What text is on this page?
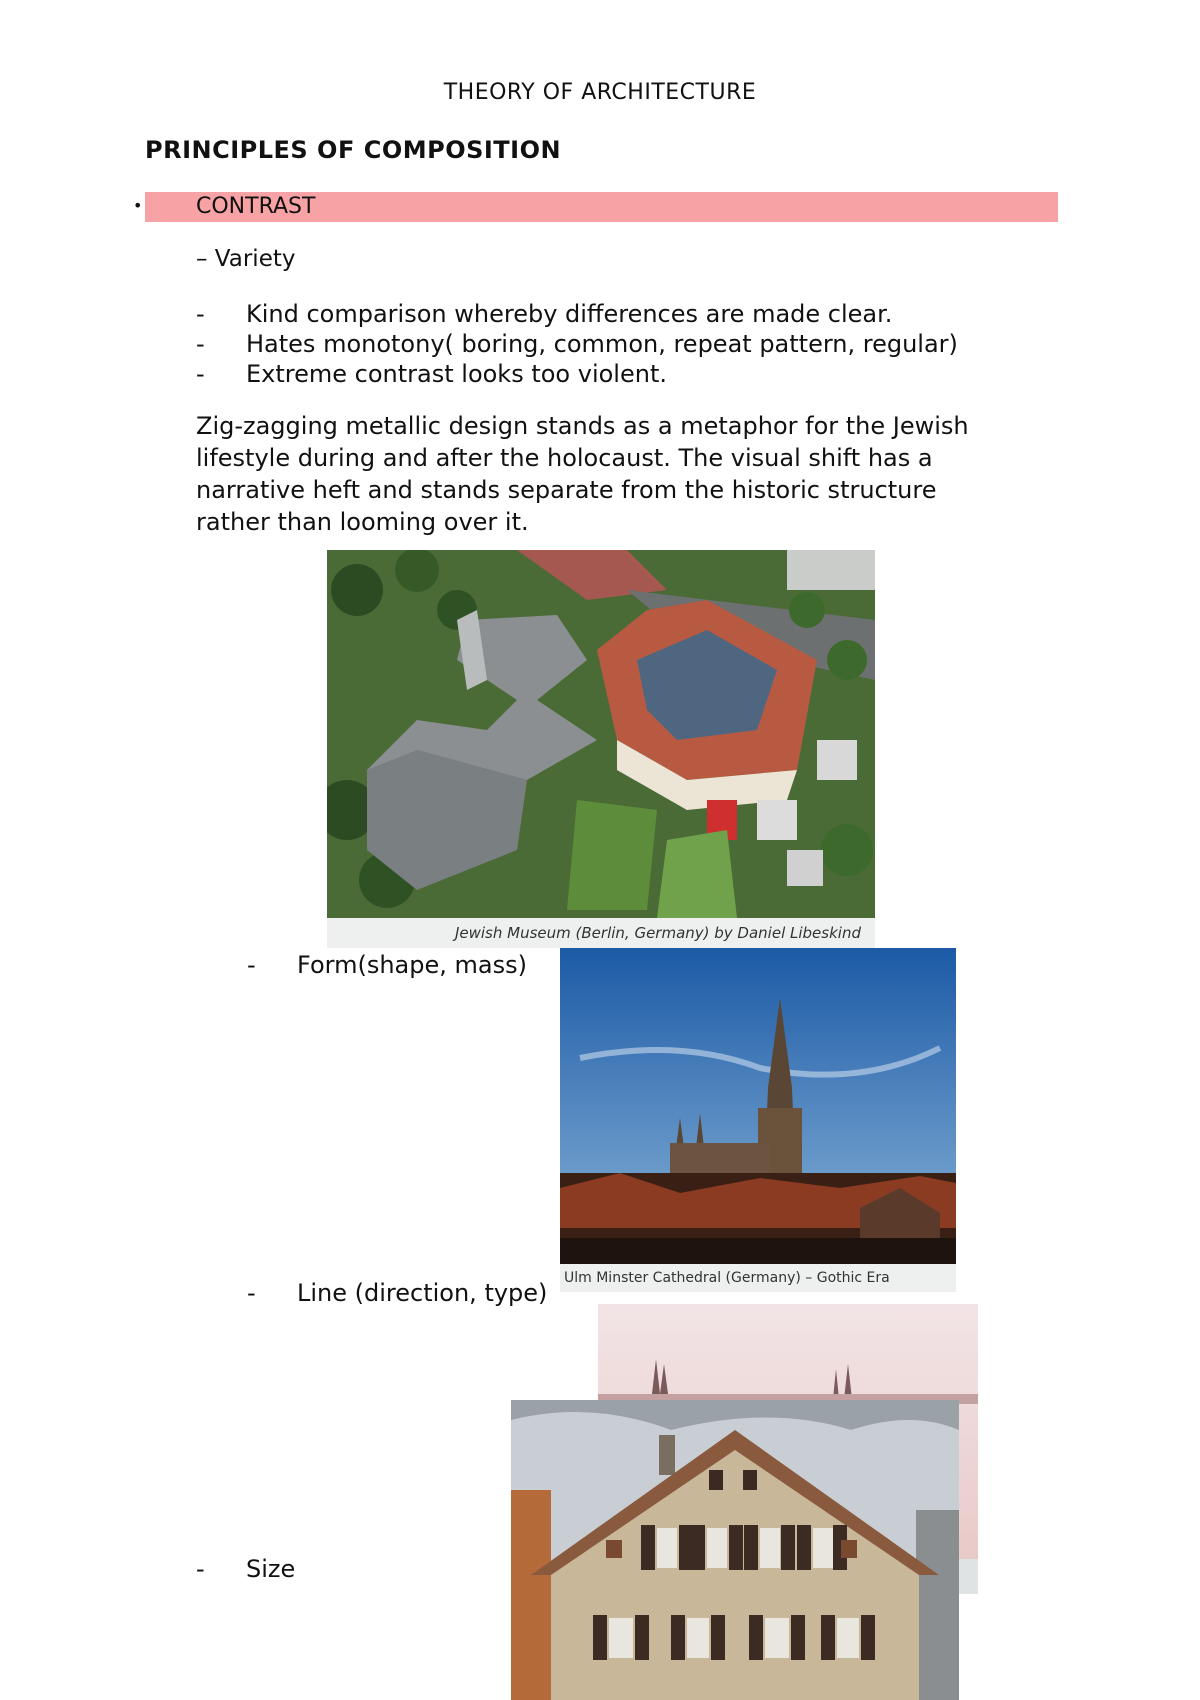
THEORY OF ARCHITECTURE
PRINCIPLES OF COMPOSITION
• CONTRAST
– Variety
- Kind comparison whereby differences are made clear.
- Hates monotony( boring, common, repeat pattern, regular)
- Extreme contrast looks too violent.
Zig-zagging metallic design stands as a metaphor for the Jewish
lifestyle during and after the holocaust. The visual shift has a
narrative heft and stands separate from the historic structure
rather than looming over it.
Jewish Museum (Berlin, Germany) by Daniel Libeskind
- Form(shape, mass)
Ulm Minster Cathedral (Germany) – Gothic Era
- Line (direction, type)
- Size
